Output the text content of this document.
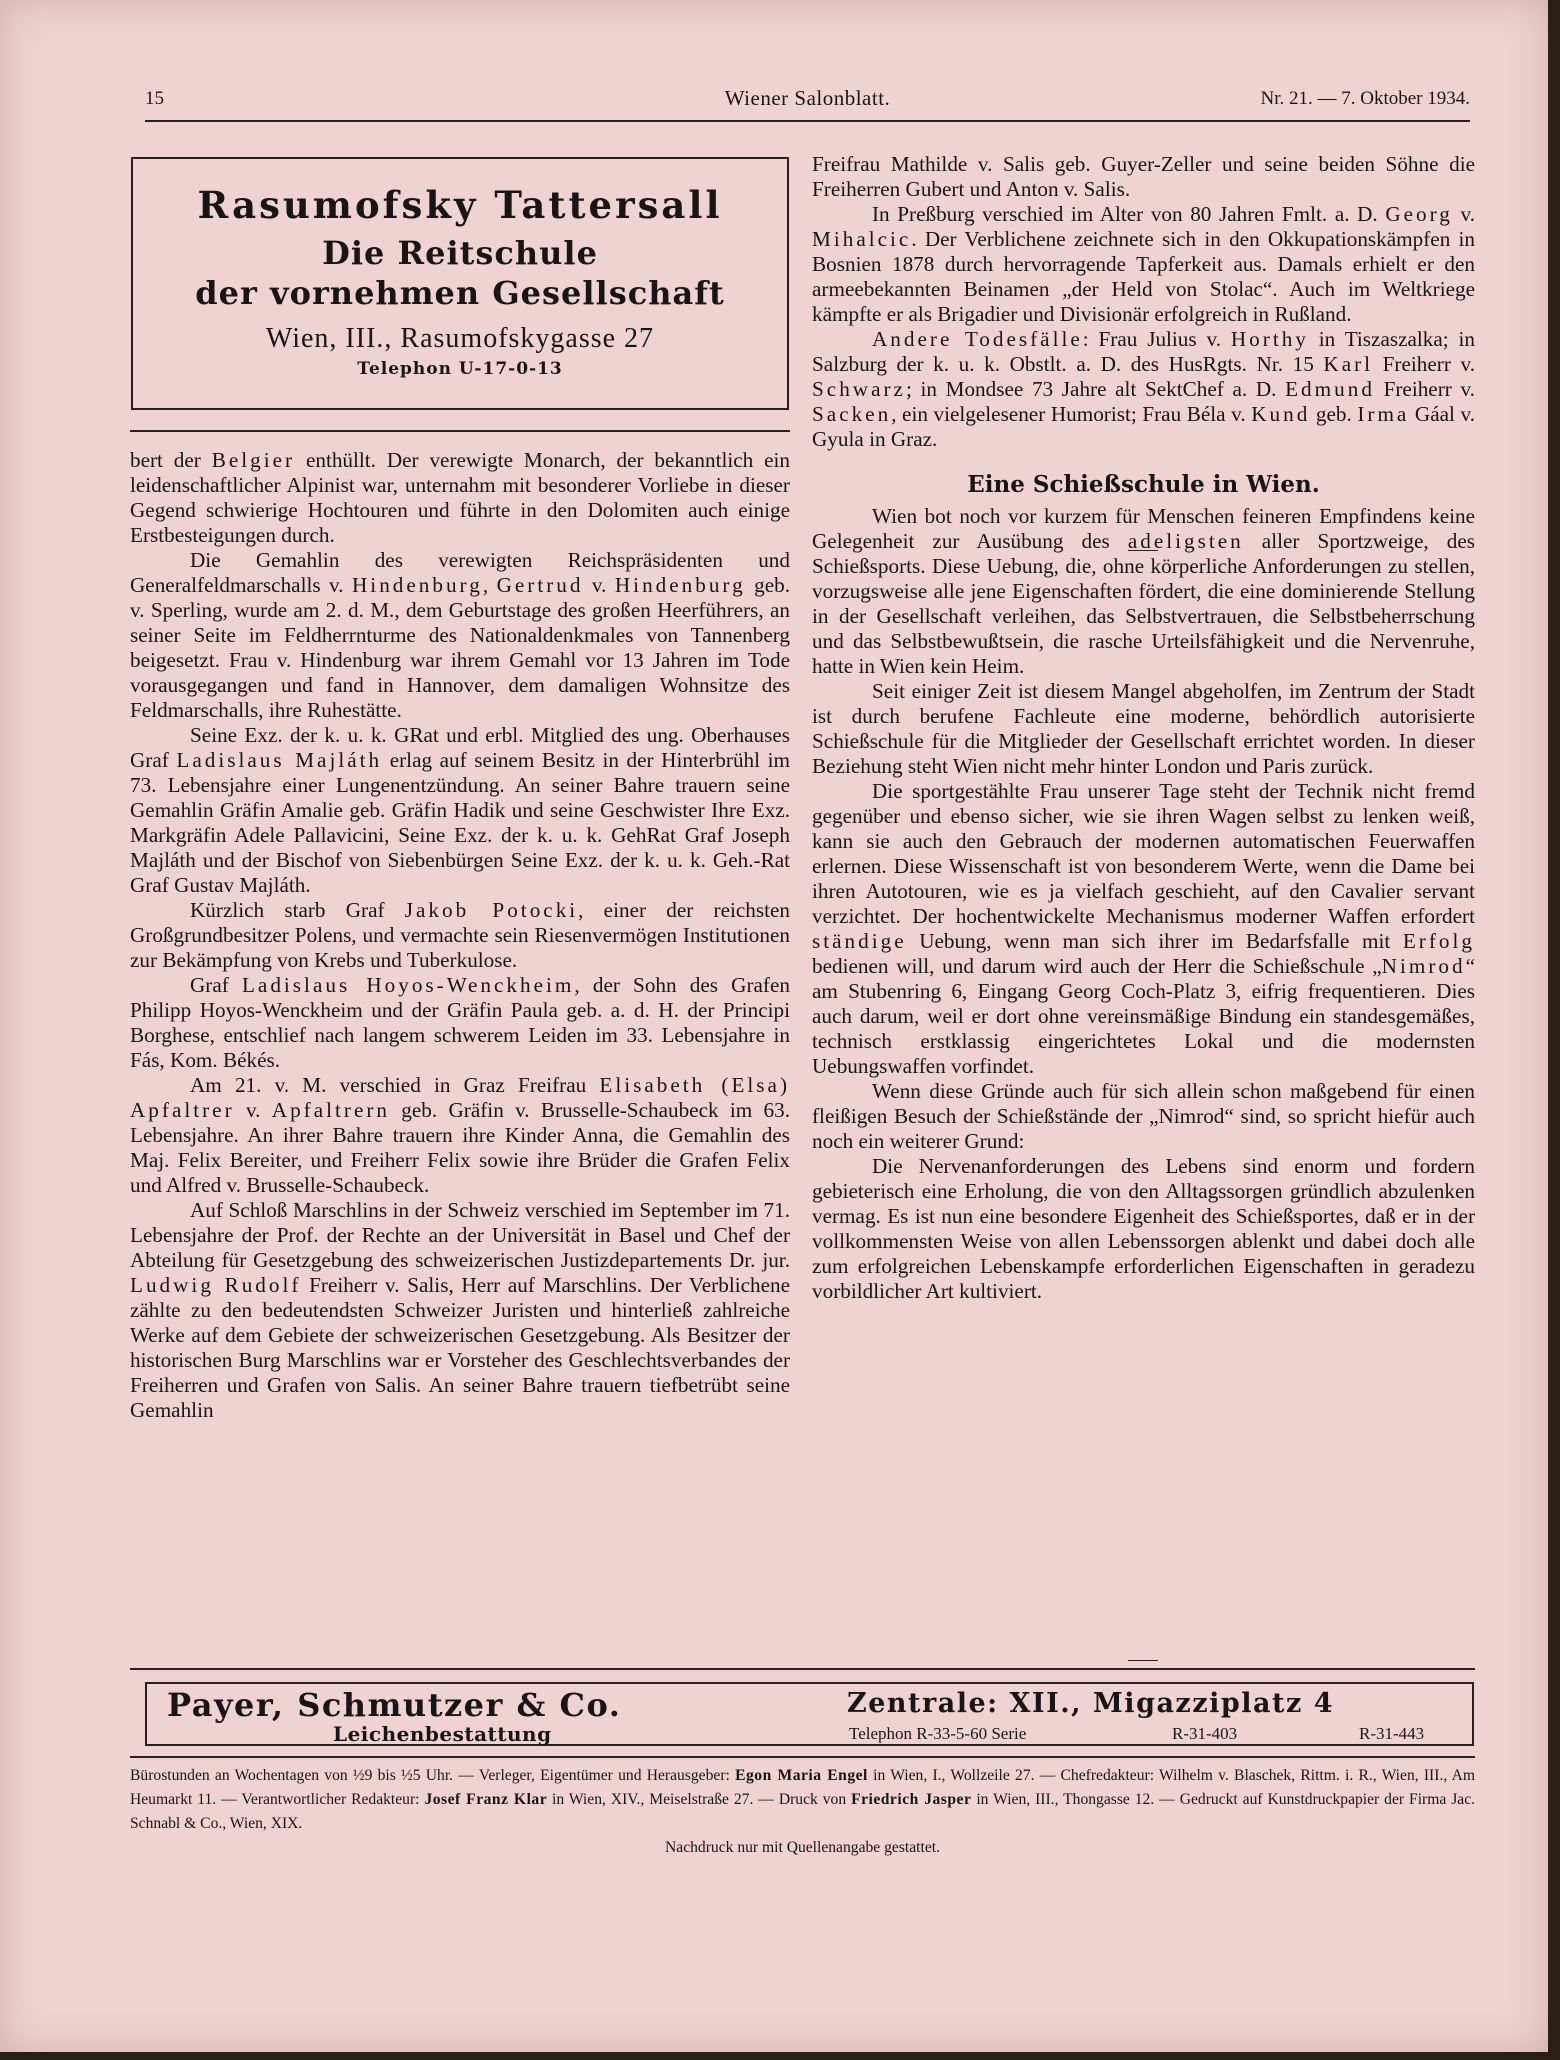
15	Wiener Salonblatt.	Nr. 21. — 7. Oktober 1934.
Rasumofsky Tattersall
Die Reitschule
der vornehmen Gesellschaft
Wien, III., Rasumofskygasse 27
Telephon U-17-0-13

bert der Belgier enthüllt. Der verewigte Monarch, der bekanntlich ein leidenschaftlicher Alpinist war, unternahm mit besonderer Vorliebe in dieser Gegend schwierige Hochtouren und führte in den Dolomiten auch einige Erstbesteigungen durch.

Die Gemahlin des verewigten Reichspräsidenten und Generalfeldmarschalls v. Hindenburg, Gertrud v. Hindenburg geb. v. Sperling, wurde am 2. d. M., dem Geburtstage des großen Heerführers, an seiner Seite im Feldherrnturme des Nationaldenkmales von Tannenberg beigesetzt. Frau v. Hindenburg war ihrem Gemahl vor 13 Jahren im Tode vorausgegangen und fand in Hannover, dem damaligen Wohnsitze des Feldmarschalls, ihre Ruhestätte.

Seine Exz. der k. u. k. GRat und erbl. Mitglied des ung. Oberhauses Graf Ladislaus Majláth erlag auf seinem Besitz in der Hinterbrühl im 73. Lebensjahre einer Lungenentzündung. An seiner Bahre trauern seine Gemahlin Gräfin Amalie geb. Gräfin Hadik und seine Geschwister Ihre Exz. Markgräfin Adele Pallavicini, Seine Exz. der k. u. k. GehRat Graf Joseph Majláth und der Bischof von Siebenbürgen Seine Exz. der k. u. k. Geh.-Rat Graf Gustav Majláth.

Kürzlich starb Graf Jakob Potocki, einer der reichsten Großgrundbesitzer Polens, und vermachte sein Riesenvermögen Institutionen zur Bekämpfung von Krebs und Tuberkulose.

Graf Ladislaus Hoyos-Wenckheim, der Sohn des Grafen Philipp Hoyos-Wenckheim und der Gräfin Paula geb. a. d. H. der Principi Borghese, entschlief nach langem schwerem Leiden im 33. Lebensjahre in Fás, Kom. Békés.

Am 21. v. M. verschied in Graz Freifrau Elisabeth (Elsa) Apfaltrer v. Apfaltrern geb. Gräfin v. Brusselle-Schaubeck im 63. Lebensjahre. An ihrer Bahre trauern ihre Kinder Anna, die Gemahlin des Maj. Felix Bereiter, und Freiherr Felix sowie ihre Brüder die Grafen Felix und Alfred v. Brusselle-Schaubeck.

Auf Schloß Marschlins in der Schweiz verschied im September im 71. Lebensjahre der Prof. der Rechte an der Universität in Basel und Chef der Abteilung für Gesetzgebung des schweizerischen Justizdepartements Dr. jur. Ludwig Rudolf Freiherr v. Salis, Herr auf Marschlins. Der Verblichene zählte zu den bedeutendsten Schweizer Juristen und hinterließ zahlreiche Werke auf dem Gebiete der schweizerischen Gesetzgebung. Als Besitzer der historischen Burg Marschlins war er Vorsteher des Geschlechtsverbandes der Freiherren und Grafen von Salis. An seiner Bahre trauern tiefbetrübt seine Gemahlin

Freifrau Mathilde v. Salis geb. Guyer-Zeller und seine beiden Söhne die Freiherren Gubert und Anton v. Salis.

In Preßburg verschied im Alter von 80 Jahren Fmlt. a. D. Georg v. Mihalcic. Der Verblichene zeichnete sich in den Okkupationskämpfen in Bosnien 1878 durch hervorragende Tapferkeit aus. Damals erhielt er den armeebekannten Beinamen „der Held von Stolac“. Auch im Weltkriege kämpfte er als Brigadier und Divisionär erfolgreich in Rußland.

Andere Todesfälle: Frau Julius v. Horthy in Tiszaszalka; in Salzburg der k. u. k. Obstlt. a. D. des HusRgts. Nr. 15 Karl Freiherr v. Schwarz; in Mondsee 73 Jahre alt SektChef a. D. Edmund Freiherr v. Sacken, ein vielgelesener Humorist; Frau Béla v. Kund geb. Irma Gáal v. Gyula in Graz.

Eine Schießschule in Wien.

Wien bot noch vor kurzem für Menschen feineren Empfindens keine Gelegenheit zur Ausübung des adeligsten aller Sportzweige, des Schießsports. Diese Uebung, die, ohne körperliche Anforderungen zu stellen, vorzugsweise alle jene Eigenschaften fördert, die eine dominierende Stellung in der Gesellschaft verleihen, das Selbstvertrauen, die Selbstbeherrschung und das Selbstbewußtsein, die rasche Urteilsfähigkeit und die Nervenruhe, hatte in Wien kein Heim.

Seit einiger Zeit ist diesem Mangel abgeholfen, im Zentrum der Stadt ist durch berufene Fachleute eine moderne, behördlich autorisierte Schießschule für die Mitglieder der Gesellschaft errichtet worden. In dieser Beziehung steht Wien nicht mehr hinter London und Paris zurück.

Die sportgestählte Frau unserer Tage steht der Technik nicht fremd gegenüber und ebenso sicher, wie sie ihren Wagen selbst zu lenken weiß, kann sie auch den Gebrauch der modernen automatischen Feuerwaffen erlernen. Diese Wissenschaft ist von besonderem Werte, wenn die Dame bei ihren Autotouren, wie es ja vielfach geschieht, auf den Cavalier servant verzichtet. Der hochentwickelte Mechanismus moderner Waffen erfordert ständige Uebung, wenn man sich ihrer im Bedarfsfalle mit Erfolg bedienen will, und darum wird auch der Herr die Schießschule „Nimrod“ am Stubenring 6, Eingang Georg Coch-Platz 3, eifrig frequentieren. Dies auch darum, weil er dort ohne vereinsmäßige Bindung ein standesgemäßes, technisch erstklassig eingerichtetes Lokal und die modernsten Uebungswaffen vorfindet.

Wenn diese Gründe auch für sich allein schon maßgebend für einen fleißigen Besuch der Schießstände der „Nimrod“ sind, so spricht hiefür auch noch ein weiterer Grund:

Die Nervenanforderungen des Lebens sind enorm und fordern gebieterisch eine Erholung, die von den Alltagssorgen gründlich abzulenken vermag. Es ist nun eine besondere Eigenheit des Schießsportes, daß er in der vollkommensten Weise von allen Lebenssorgen ablenkt und dabei doch alle zum erfolgreichen Lebenskampfe erforderlichen Eigenschaften in geradezu vorbildlicher Art kultiviert.

Payer, Schmutzer & Co.
Leichenbestattung
Zentrale: XII., Migazziplatz 4
Telephon R-33-5-60 Serie	R-31-403	R-31-443
Bürostunden an Wochentagen von ½9 bis ½5 Uhr. — Verleger, Eigentümer und Herausgeber: Egon Maria Engel in Wien, I., Wollzeile 27. — Chefredakteur: Wilhelm v. Blaschek, Rittm. i. R., Wien, III., Am Heumarkt 11. — Verantwortlicher Redakteur: Josef Franz Klar in Wien, XIV., Meiselstraße 27. — Druck von Friedrich Jasper in Wien, III., Thongasse 12. — Gedruckt auf Kunstdruckpapier der Firma Jac. Schnabl & Co., Wien, XIX.
Nachdruck nur mit Quellenangabe gestattet.
